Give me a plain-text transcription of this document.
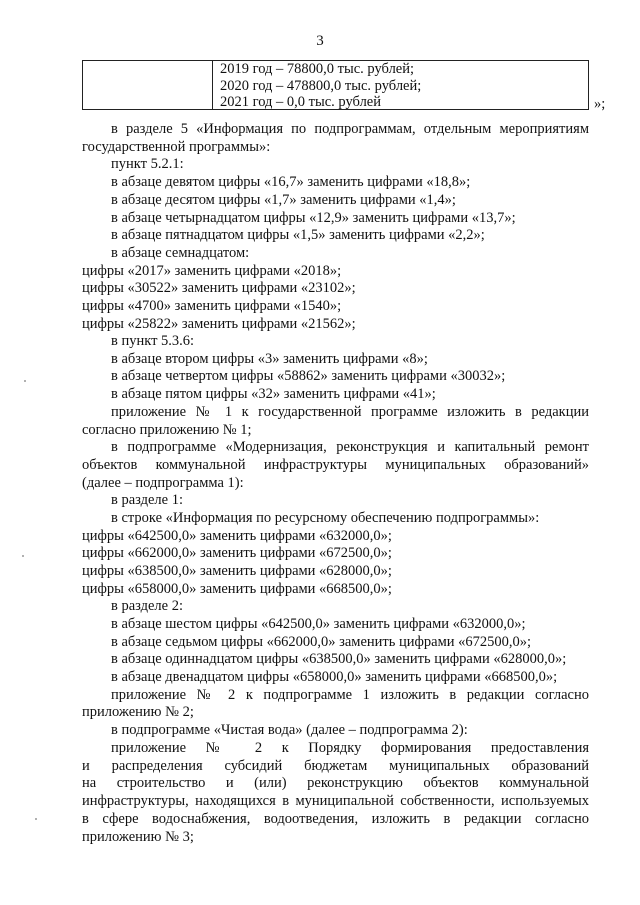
3
2019 год – 78800,0 тыс. рублей;
2020 год – 478800,0 тыс. рублей;
2021 год – 0,0 тыс. рублей	»;
в разделе 5 «Информация по подпрограммам, отдельным мероприятиям
государственной программы»:
пункт 5.2.1:
в абзаце девятом цифры «16,7» заменить цифрами «18,8»;
в абзаце десятом цифры «1,7» заменить цифрами «1,4»;
в абзаце четырнадцатом цифры «12,9» заменить цифрами «13,7»;
в абзаце пятнадцатом цифры «1,5» заменить цифрами «2,2»;
в абзаце семнадцатом:
цифры «2017» заменить цифрами «2018»;
цифры «30522» заменить цифрами «23102»;
цифры «4700» заменить цифрами «1540»;
цифры «25822» заменить цифрами «21562»;
в пункт 5.3.6:
в абзаце втором цифры «3» заменить цифрами «8»;
в абзаце четвертом цифры «58862» заменить цифрами «30032»;
в абзаце пятом цифры «32» заменить цифрами «41»;
приложение № 1 к государственной программе изложить в редакции
согласно приложению № 1;
в подпрограмме «Модернизация, реконструкция и капитальный ремонт
объектов коммунальной инфраструктуры муниципальных образований»
(далее – подпрограмма 1):
в разделе 1:
в строке «Информация по ресурсному обеспечению подпрограммы»:
цифры «642500,0» заменить цифрами «632000,0»;
цифры «662000,0» заменить цифрами «672500,0»;
цифры «638500,0» заменить цифрами «628000,0»;
цифры «658000,0» заменить цифрами «668500,0»;
в разделе 2:
в абзаце шестом цифры «642500,0» заменить цифрами «632000,0»;
в абзаце седьмом цифры «662000,0» заменить цифрами «672500,0»;
в абзаце одиннадцатом цифры «638500,0» заменить цифрами «628000,0»;
в абзаце двенадцатом цифры «658000,0» заменить цифрами «668500,0»;
приложение № 2 к подпрограмме 1 изложить в редакции согласно
приложению № 2;
в подпрограмме «Чистая вода» (далее – подпрограмма 2):
приложение № 2 к Порядку формирования предоставления
и распределения субсидий бюджетам муниципальных образований
на строительство и (или) реконструкцию объектов коммунальной
инфраструктуры, находящихся в муниципальной собственности, используемых
в сфере водоснабжения, водоотведения, изложить в редакции согласно
приложению № 3;
